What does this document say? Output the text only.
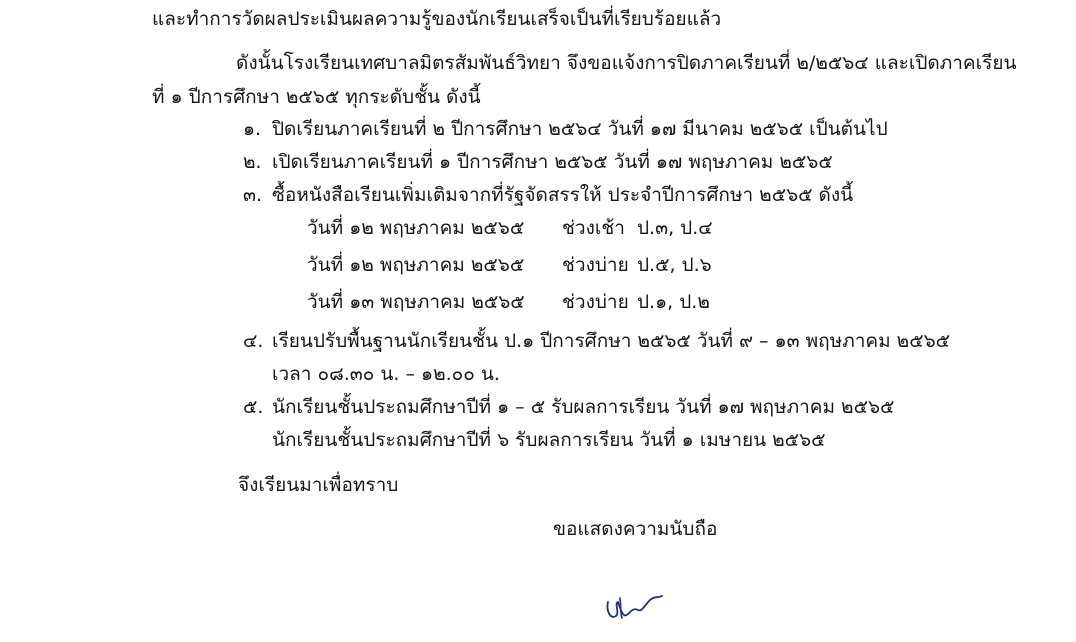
และทำการวัดผลประเมินผลความรู้ของนักเรียนเสร็จเป็นที่เรียบร้อยแล้ว
ดังนั้นโรงเรียนเทศบาลมิตรสัมพันธ์วิทยา จึงขอแจ้งการปิดภาคเรียนที่ ๒/๒๕๖๔ และเปิดภาคเรียน
ที่ ๑ ปีการศึกษา ๒๕๖๕ ทุกระดับชั้น ดังนี้
๑. ปิดเรียนภาคเรียนที่ ๒ ปีการศึกษา ๒๕๖๔ วันที่ ๑๗ มีนาคม ๒๕๖๕ เป็นต้นไป
๒. เปิดเรียนภาคเรียนที่ ๑ ปีการศึกษา ๒๕๖๕ วันที่ ๑๗ พฤษภาคม ๒๕๖๕
๓. ซื้อหนังสือเรียนเพิ่มเติมจากที่รัฐจัดสรรให้ ประจำปีการศึกษา ๒๕๖๕ ดังนี้
วันที่ ๑๒ พฤษภาคม ๒๕๖๕ ช่วงเช้า ป.๓, ป.๔
วันที่ ๑๒ พฤษภาคม ๒๕๖๕ ช่วงบ่าย ป.๕, ป.๖
วันที่ ๑๓ พฤษภาคม ๒๕๖๕ ช่วงบ่าย ป.๑, ป.๒
๔. เรียนปรับพื้นฐานนักเรียนชั้น ป.๑ ปีการศึกษา ๒๕๖๕ วันที่ ๙ – ๑๓ พฤษภาคม ๒๕๖๕
เวลา ๐๘.๓๐ น. – ๑๒.๐๐ น.
๕. นักเรียนชั้นประถมศึกษาปีที่ ๑ – ๕ รับผลการเรียน วันที่ ๑๗ พฤษภาคม ๒๕๖๕
นักเรียนชั้นประถมศึกษาปีที่ ๖ รับผลการเรียน วันที่ ๑ เมษายน ๒๕๖๕
จึงเรียนมาเพื่อทราบ
ขอแสดงความนับถือ
